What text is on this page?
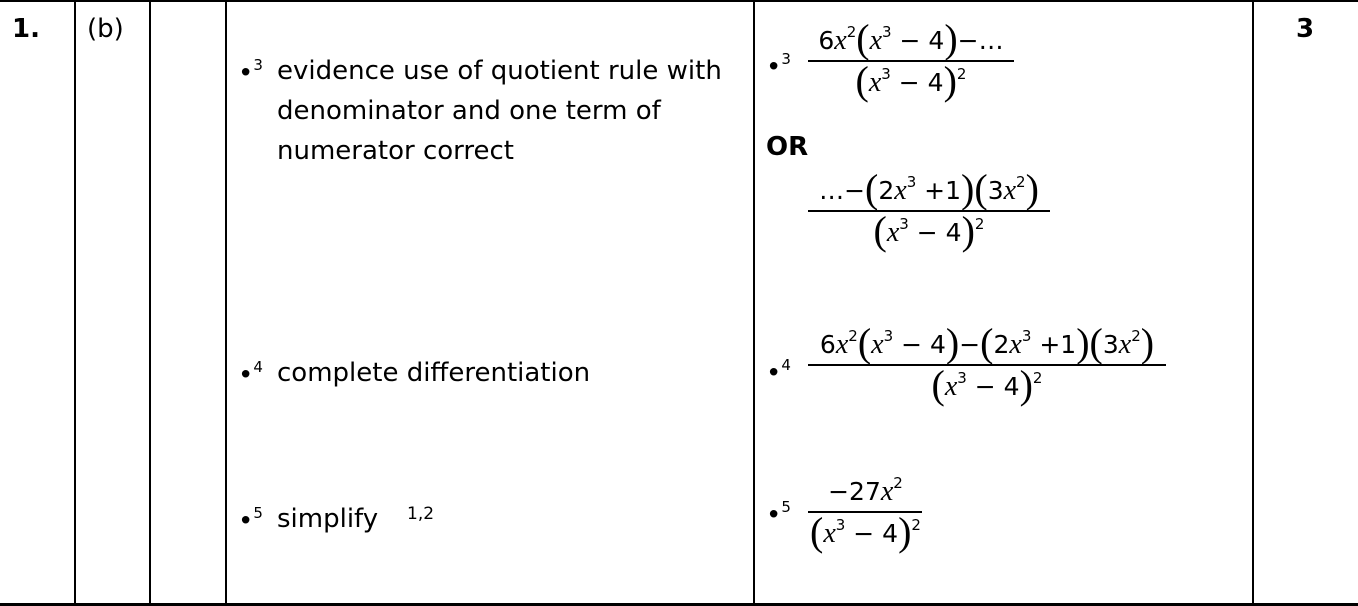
1. (b)	3
•$^3$ evidence use of quotient rule with
denominator and one term of
numerator correct
•$^4$ complete differentiation
•$^5$ simplify 1,2
•$^3$
$6x^2(x^3$ − 4)−…
$(x^3 - 4)^2$
OR
$\dots-(2x^3 +1)(3x^2)$
$(x^3 - 4)^2$
•$^4$
$6x^2(x^3 - 4)-(2x^3 +1)(3x^2)$
$(x^3 - 4)^2$
•$^5$
$-27x^2$
$(x^3 - 4)^2$
